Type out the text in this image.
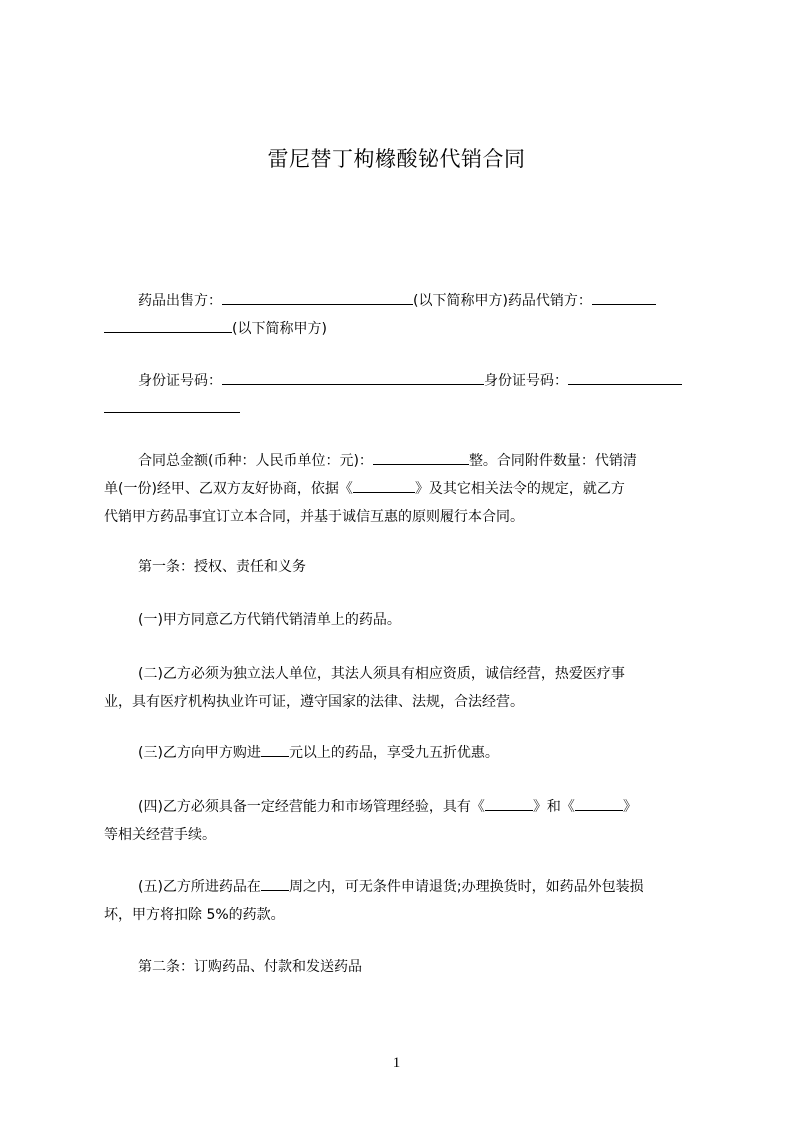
雷尼替丁枸橼酸铋代销合同
药品出售方：	(以下简称甲方)药品代销方：
(以下简称甲方)
身份证号码：	身份证号码：
合同总金额(币种：人民币单位：元)：	整。合同附件数量：代销清
单(一份)经甲、乙双方友好协商，依据《	》及其它相关法令的规定，就乙方
代销甲方药品事宜订立本合同，并基于诚信互惠的原则履行本合同。
第一条：授权、责任和义务
(一)甲方同意乙方代销代销清单上的药品。
(二)乙方必须为独立法人单位，其法人须具有相应资质，诚信经营，热爱医疗事
业，具有医疗机构执业许可证，遵守国家的法律、法规，合法经营。
(三)乙方向甲方购进 元以上的药品，享受九五折优惠。
(四)乙方必须具备一定经营能力和市场管理经验，具有《	》和《	》
等相关经营手续。
(五)乙方所进药品在 周之内，可无条件申请退货;办理换货时，如药品外包装损
坏，甲方将扣除 5%的药款。
第二条：订购药品、付款和发送药品
1
